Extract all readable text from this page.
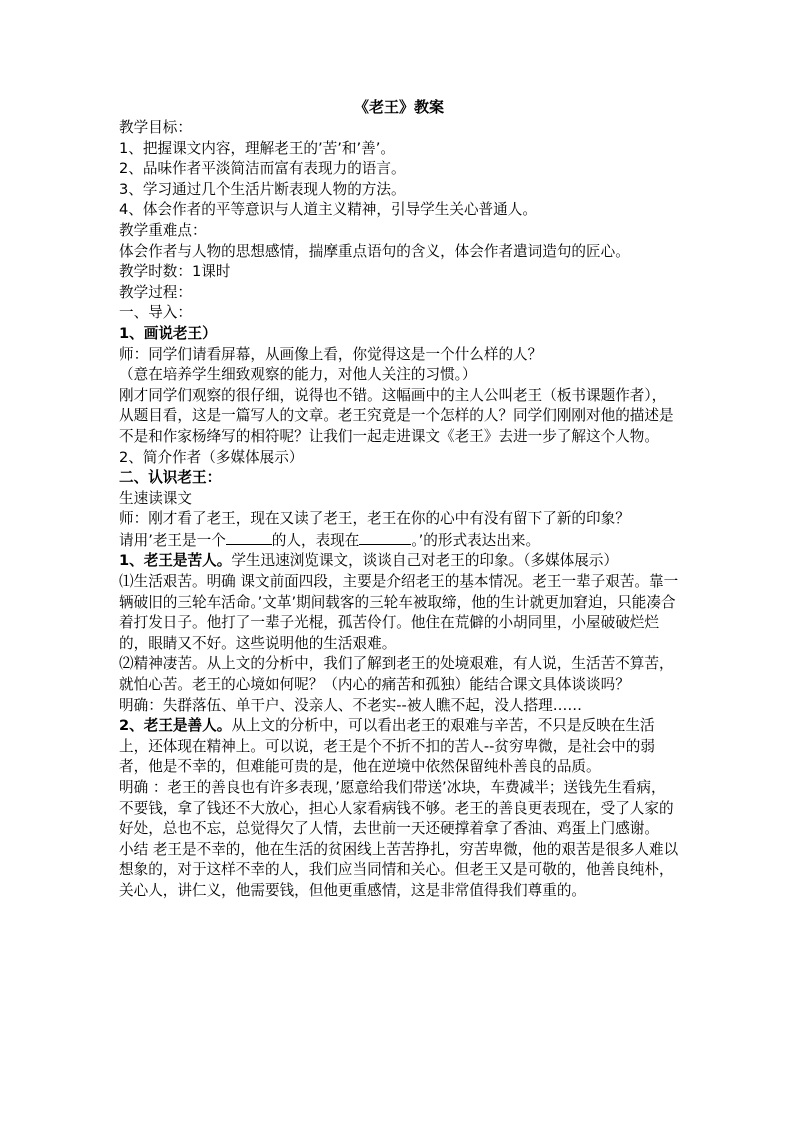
《老王》教案

教学目标：

1、把握课文内容，理解老王的’苦’和’善’。

2、品味作者平淡简洁而富有表现力的语言。

3、学习通过几个生活片断表现人物的方法。

4、体会作者的平等意识与人道主义精神，引导学生关心普通人。

教学重难点：

体会作者与人物的思想感情，揣摩重点语句的含义，体会作者遣词造句的匠心。

教学时数：1课时

教学过程：

一、导入：

1、画说老王）

师：同学们请看屏幕，从画像上看，你觉得这是一个什么样的人？

（意在培养学生细致观察的能力，对他人关注的习惯。）

刚才同学们观察的很仔细，说得也不错。这幅画中的主人公叫老王（板书课题作者），从题目看，这是一篇写人的文章。老王究竟是一个怎样的人？同学们刚刚对他的描述是不是和作家杨绛写的相符呢？让我们一起走进课文《老王》去进一步了解这个人物。

2、简介作者（多媒体展示）

二、认识老王：

生速读课文

师：刚才看了老王，现在又读了老王，老王在你的心中有没有留下了新的印象？

请用’老王是一个	的人，表现在	。’的形式表达出来。

1、老王是苦人。学生迅速浏览课文，谈谈自己对老王的印象。（多媒体展示）

⑴生活艰苦。明确 课文前面四段，主要是介绍老王的基本情况。老王一辈子艰苦。靠一辆破旧的三轮车活命。’文革’期间载客的三轮车被取缔，他的生计就更加窘迫，只能凑合着打发日子。他打了一辈子光棍，孤苦伶仃。他住在荒僻的小胡同里，小屋破破烂烂的，眼睛又不好。这些说明他的生活艰难。

⑵精神凄苦。从上文的分析中，我们了解到老王的处境艰难，有人说，生活苦不算苦，就怕心苦。老王的心境如何呢？（内心的痛苦和孤独）能结合课文具体谈谈吗？

明确：失群落伍、单干户、没亲人、不老实--被人瞧不起，没人搭理……

2、老王是善人。从上文的分析中，可以看出老王的艰难与辛苦，不只是反映在生活上，还体现在精神上。可以说，老王是个不折不扣的苦人--贫穷卑微，是社会中的弱者，他是不幸的，但难能可贵的是，他在逆境中依然保留纯朴善良的品质。

明确 ：老王的善良也有许多表现，’愿意给我们带送’冰块，车费减半；送钱先生看病，不要钱，拿了钱还不大放心，担心人家看病钱不够。老王的善良更表现在，受了人家的好处，总也不忘，总觉得欠了人情，去世前一天还硬撑着拿了香油、鸡蛋上门感谢。

小结 老王是不幸的，他在生活的贫困线上苦苦挣扎，穷苦卑微，他的艰苦是很多人难以想象的，对于这样不幸的人，我们应当同情和关心。但老王又是可敬的，他善良纯朴，关心人，讲仁义，他需要钱，但他更重感情，这是非常值得我们尊重的。
